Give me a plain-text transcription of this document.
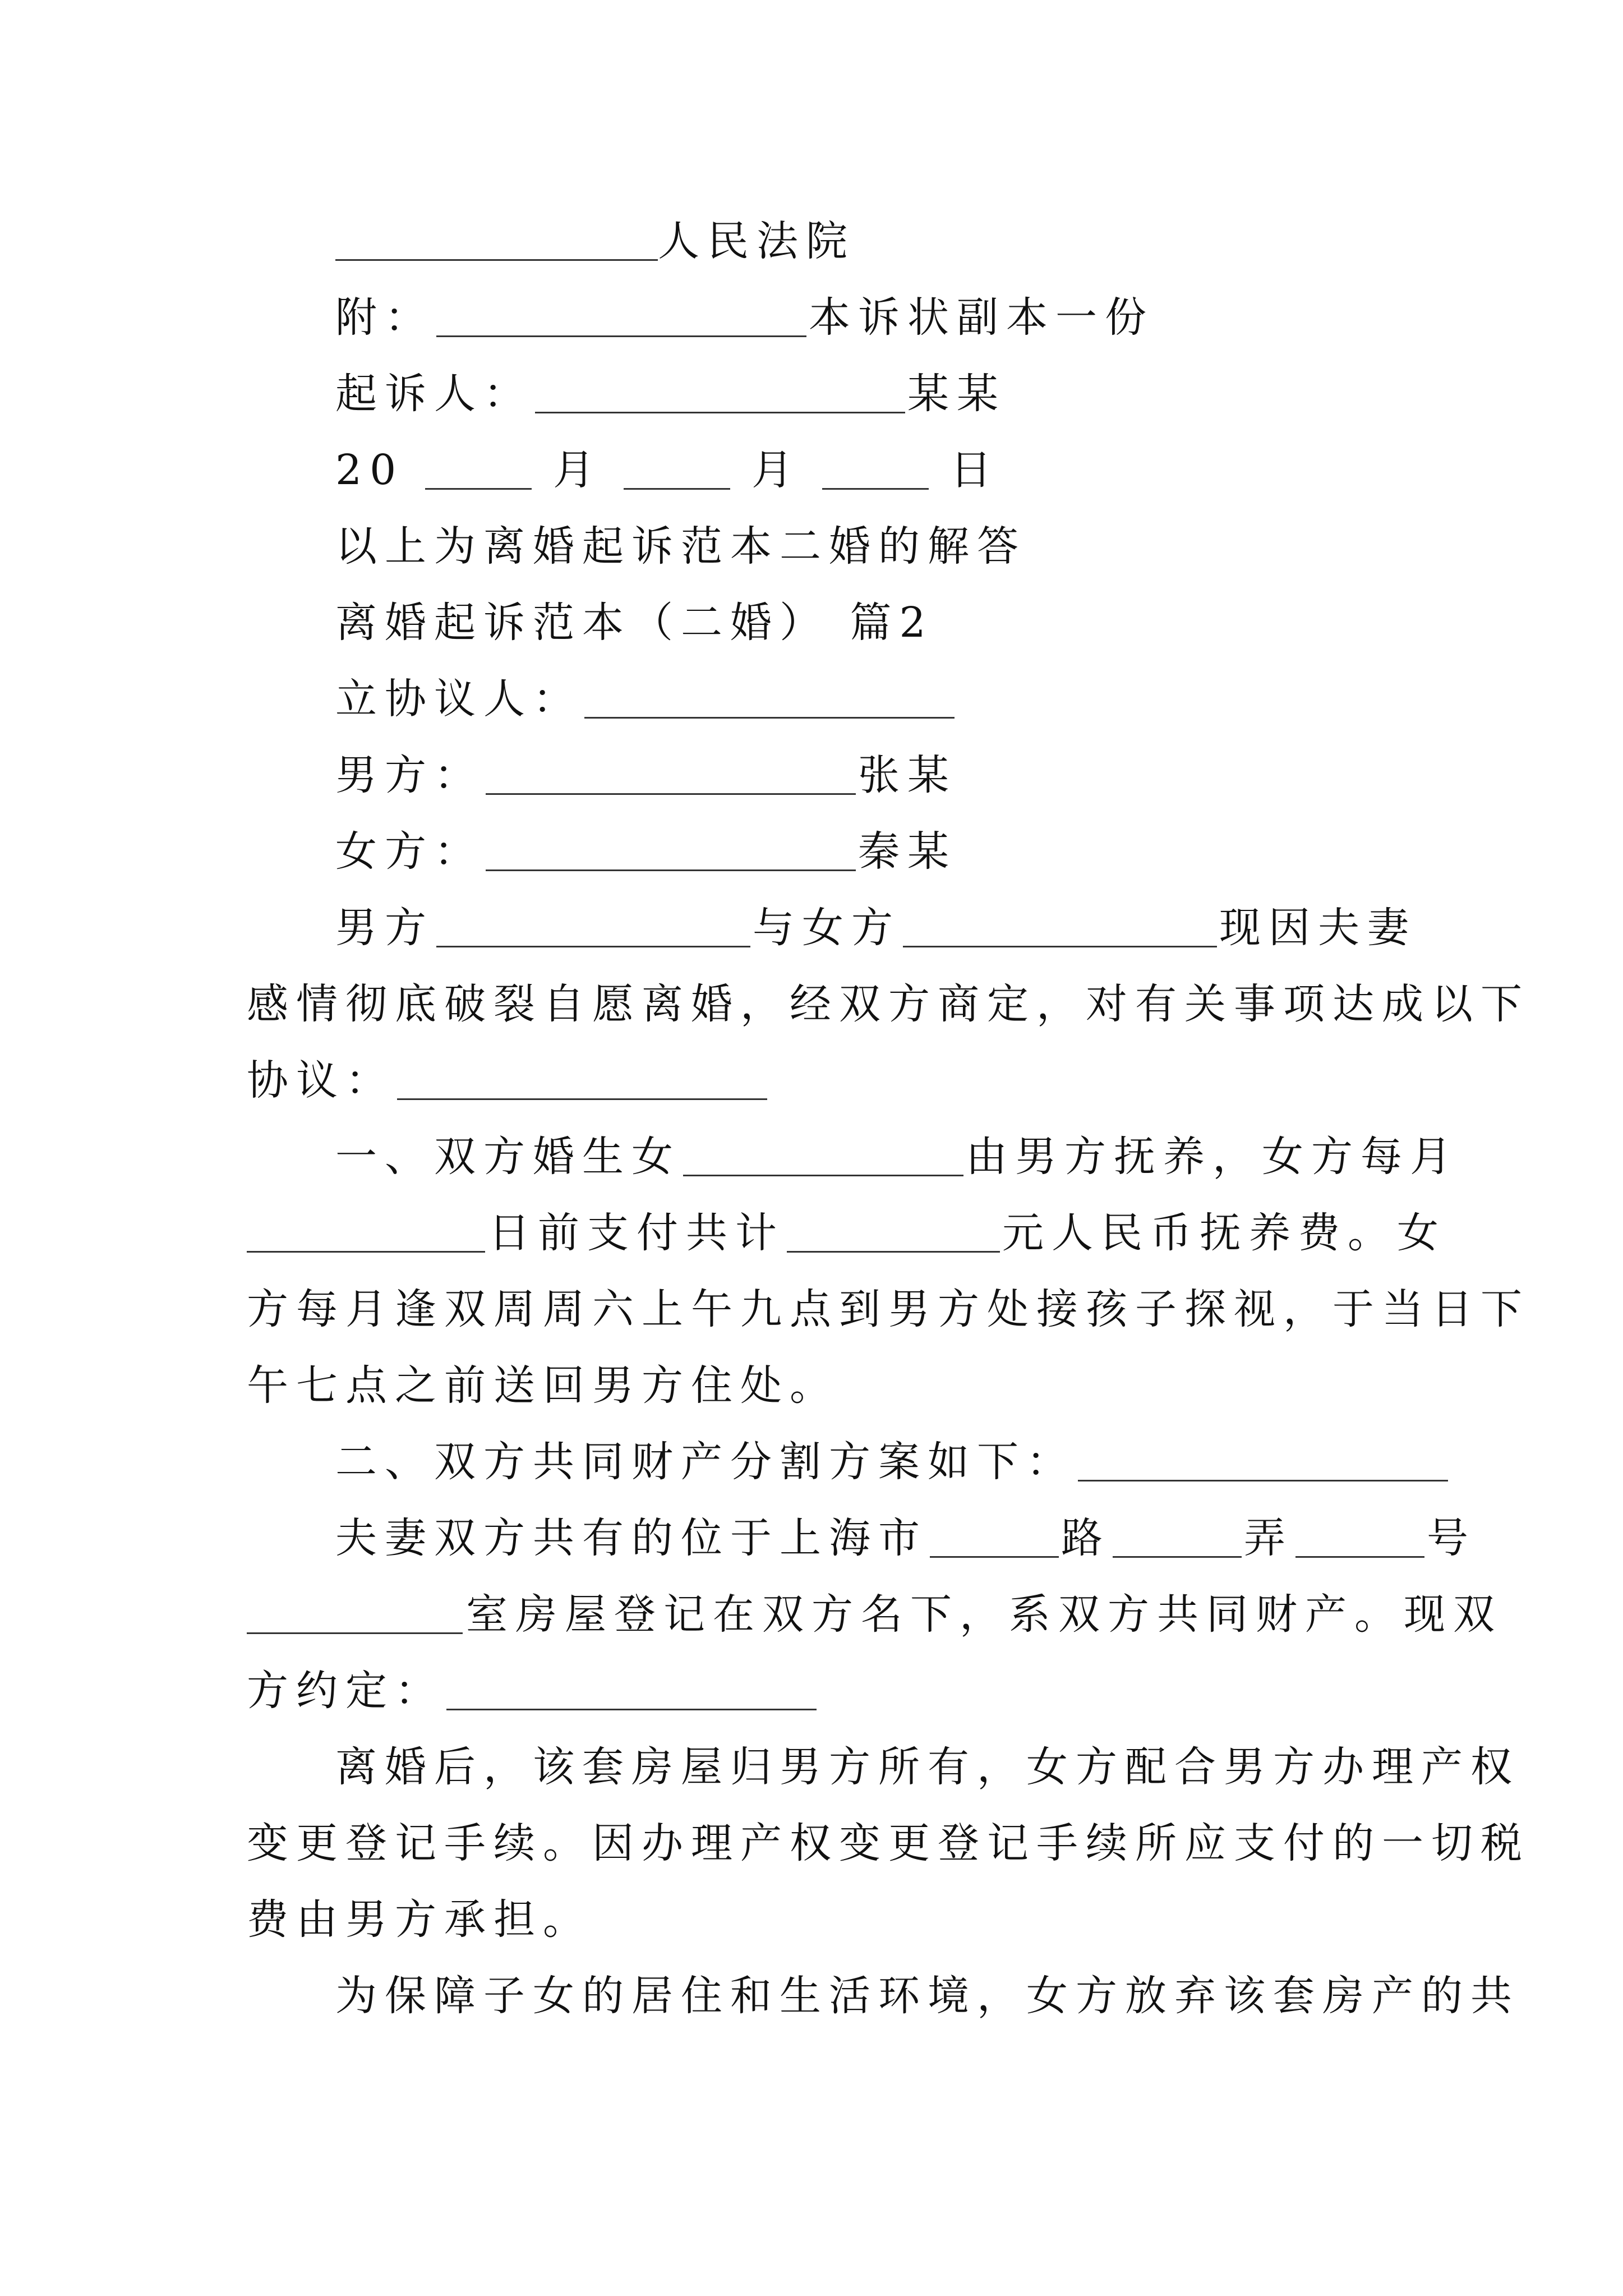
人民法院
附：	本诉状副本一份
起诉人：	某某
20	月	月	日
以上为离婚起诉范本二婚的解答
离婚起诉范本（二婚） 篇2
立协议人：
男方：	张某
女方：	秦某
男方	与女方	现因夫妻
感情彻底破裂自愿离婚，经双方商定，对有关事项达成以下
协议：
一、双方婚生女	由男方抚养，女方每月
日前支付共计	元人民币抚养费。女
方每月逢双周周六上午九点到男方处接孩子探视，于当日下
午七点之前送回男方住处。
二、双方共同财产分割方案如下：
夫妻双方共有的位于上海市	路	弄	号
室房屋登记在双方名下，系双方共同财产。现双
方约定：
离婚后，该套房屋归男方所有，女方配合男方办理产权
变更登记手续。因办理产权变更登记手续所应支付的一切税
费由男方承担。
为保障子女的居住和生活环境，女方放弃该套房产的共
